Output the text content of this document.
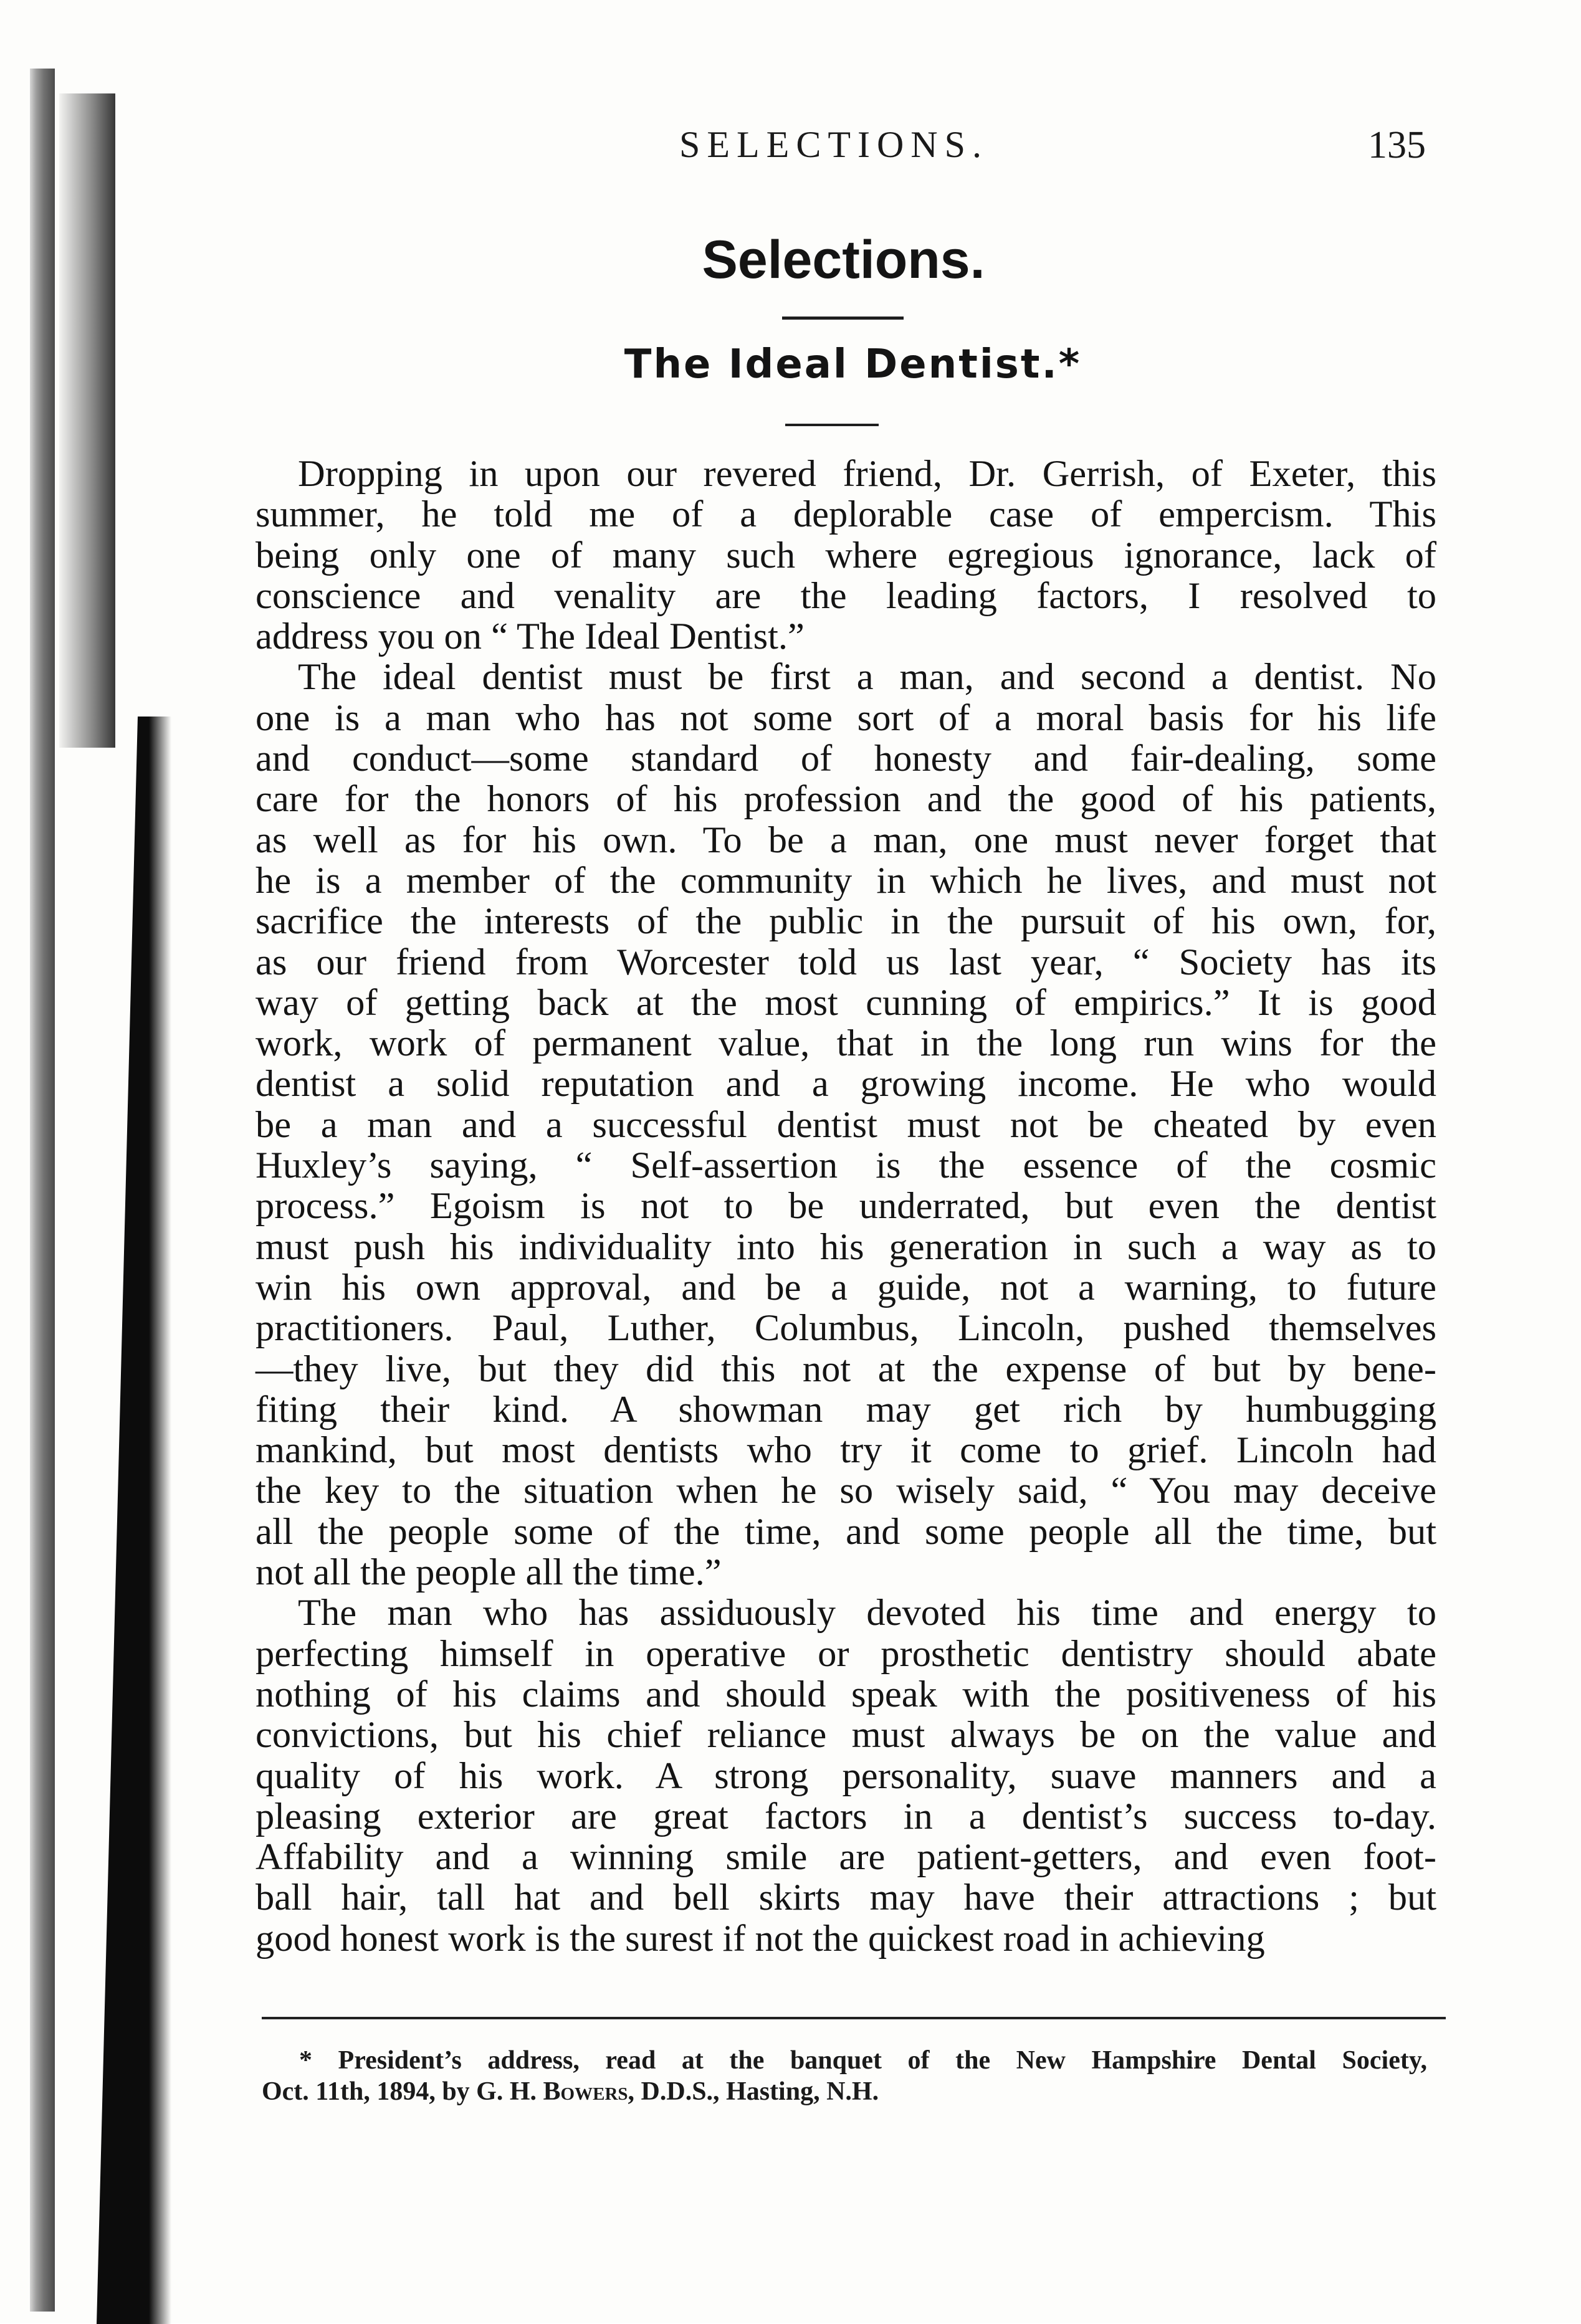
SELECTIONS.	135
Selections.
The Ideal Dentist.*

Dropping in upon our revered friend, Dr. Gerrish, of Exeter, this

summer, he told me of a deplorable case of empercism. This

being only one of many such where egregious ignorance, lack of

conscience and venality are the leading factors, I resolved to

address you on “ The Ideal Dentist.”

The ideal dentist must be first a man, and second a dentist. No

one is a man who has not some sort of a moral basis for his life

and conduct—some standard of honesty and fair-dealing, some

care for the honors of his profession and the good of his patients,

as well as for his own. To be a man, one must never forget that

he is a member of the community in which he lives, and must not

sacrifice the interests of the public in the pursuit of his own, for,

as our friend from Worcester told us last year, “ Society has its

way of getting back at the most cunning of empirics.” It is good

work, work of permanent value, that in the long run wins for the

dentist a solid reputation and a growing income. He who would

be a man and a successful dentist must not be cheated by even

Huxley’s saying, “ Self-assertion is the essence of the cosmic

process.” Egoism is not to be underrated, but even the dentist

must push his individuality into his generation in such a way as to

win his own approval, and be a guide, not a warning, to future

practitioners. Paul, Luther, Columbus, Lincoln, pushed themselves

—they live, but they did this not at the expense of but by bene-

fiting their kind. A showman may get rich by humbugging

mankind, but most dentists who try it come to grief. Lincoln had

the key to the situation when he so wisely said, “ You may deceive

all the people some of the time, and some people all the time, but

not all the people all the time.”

The man who has assiduously devoted his time and energy to

perfecting himself in operative or prosthetic dentistry should abate

nothing of his claims and should speak with the positiveness of his

convictions, but his chief reliance must always be on the value and

quality of his work. A strong personality, suave manners and a

pleasing exterior are great factors in a dentist’s success to-day.

Affability and a winning smile are patient-getters, and even foot-

ball hair, tall hat and bell skirts may have their attractions ; but

good honest work is the surest if not the quickest road in achieving

* President’s address, read at the banquet of the New Hampshire Dental Society,
Oct. 11th, 1894, by G. H. Bowers, D.D.S., Hasting, N.H.
